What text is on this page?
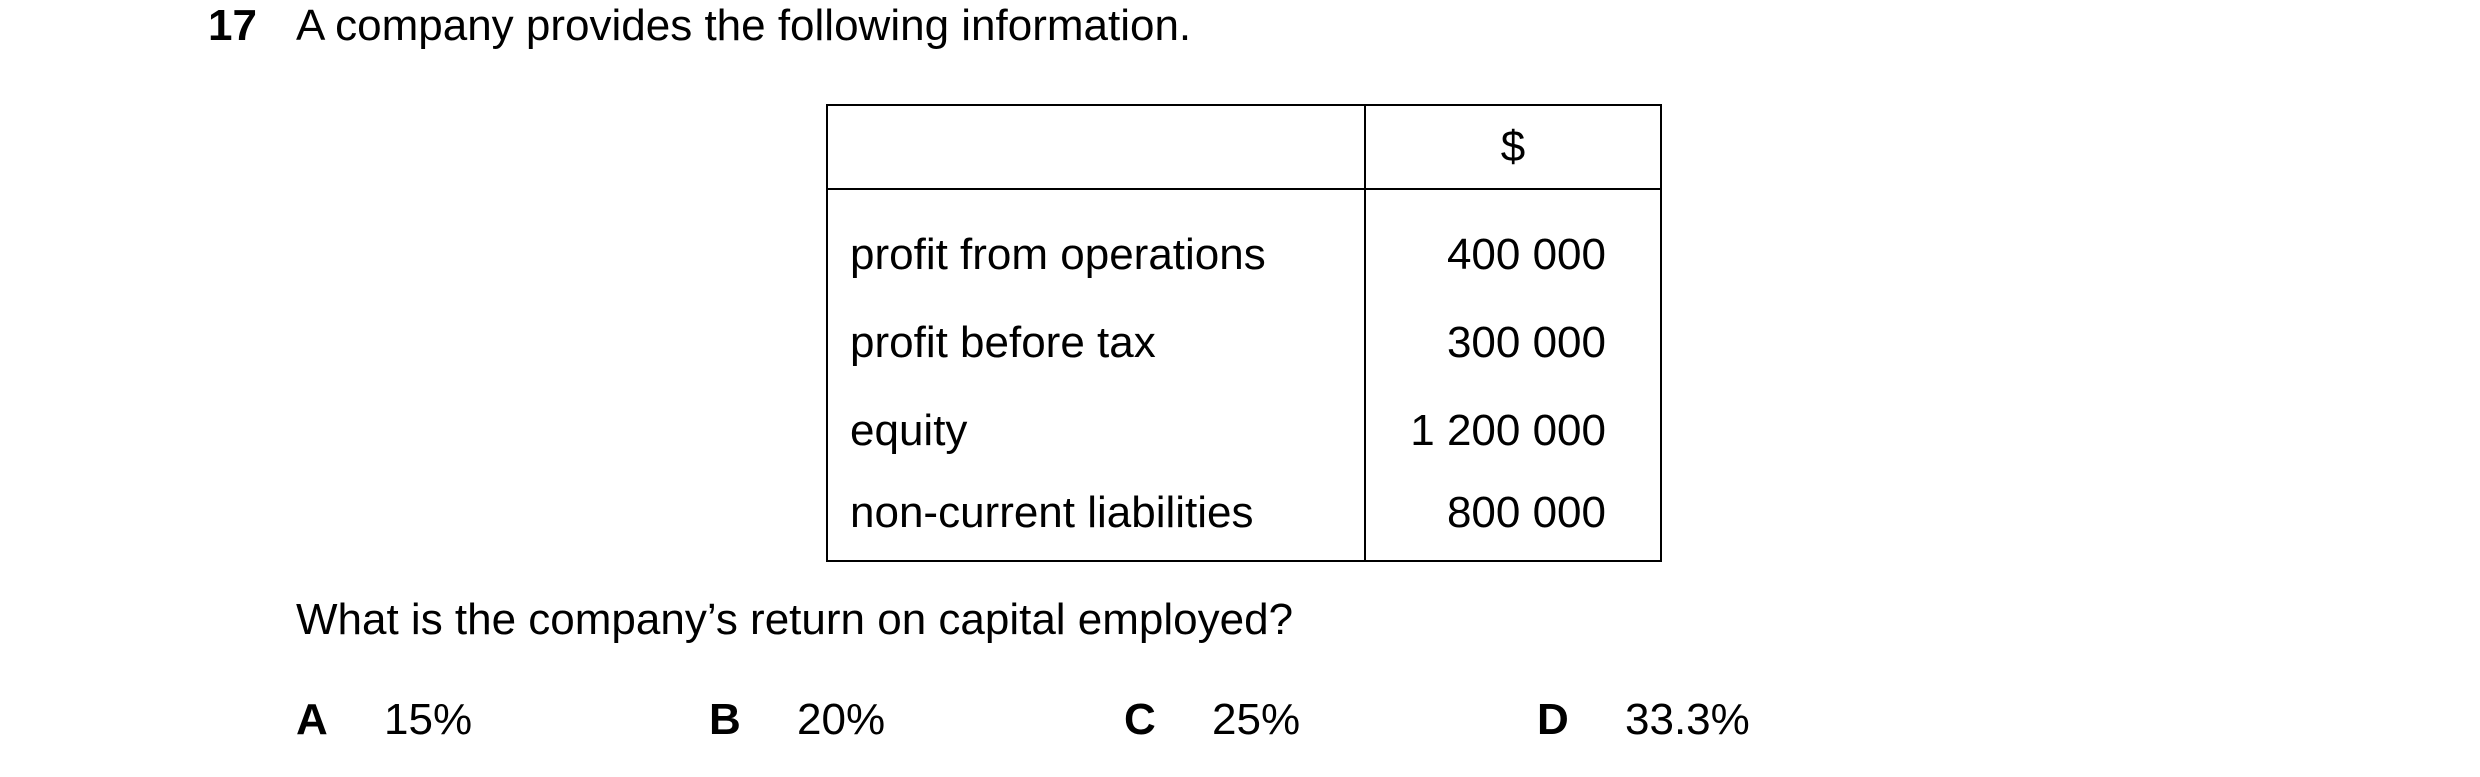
17 A company provides the following information.
	$
profit from operations	400 000
profit before tax	300 000
equity	1 200 000
non-current liabilities	800 000
What is the company’s return on capital employed?
A 15%	B 20%	C 25%	D 33.3%
